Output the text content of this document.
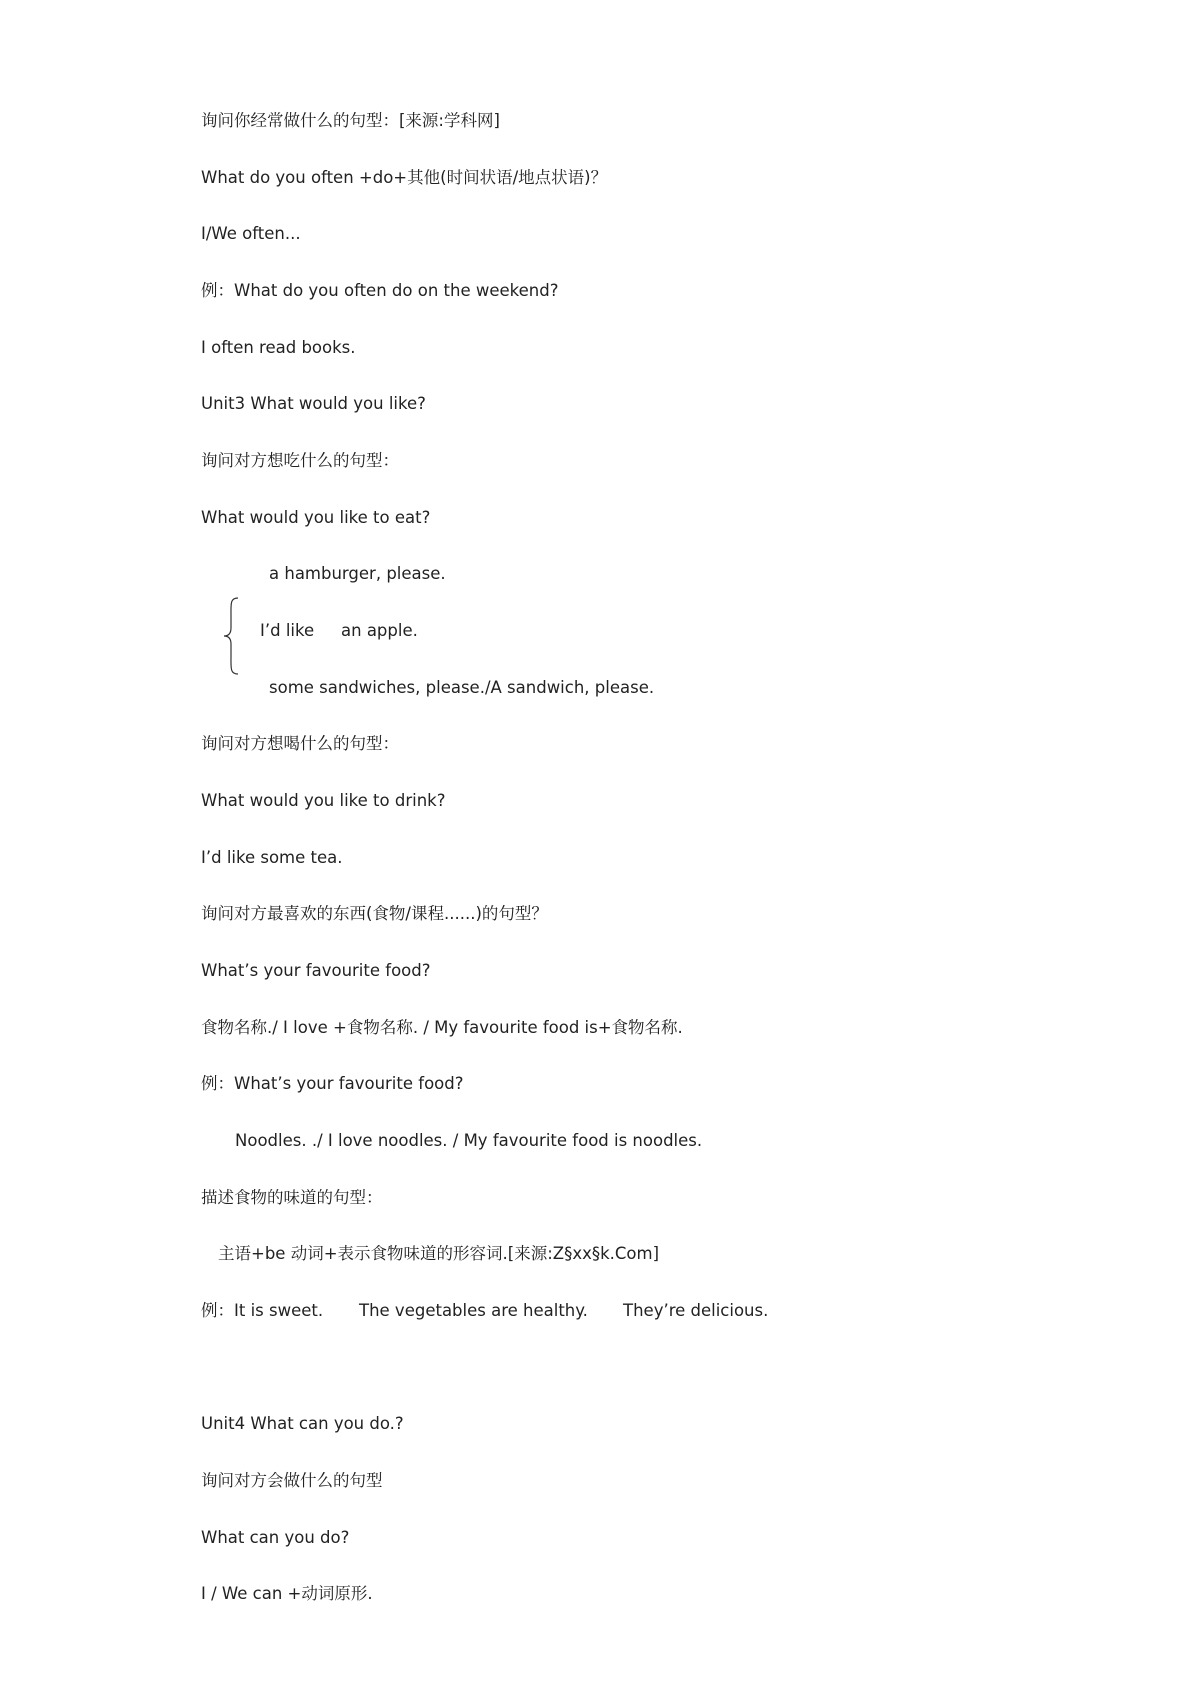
询问你经常做什么的句型：[来源:学科网]
What do you often +do+其他(时间状语/地点状语)？
I/We often...
例：What do you often do on the weekend?
I often read books.
Unit3 What would you like?
询问对方想吃什么的句型：
What would you like to eat?
a hamburger, please.
I’d like an apple.
some sandwiches, please./A sandwich, please.
询问对方想喝什么的句型：
What would you like to drink?
I’d like some tea.
询问对方最喜欢的东西(食物/课程......)的句型？
What’s your favourite food?
食物名称./ I love +食物名称. / My favourite food is+食物名称.
例：What’s your favourite food?
Noodles. ./ I love noodles. / My favourite food is noodles.
描述食物的味道的句型：
主语+be 动词+表示食物味道的形容词.[来源:Z§xx§k.Com]
例：It is sweet. The vegetables are healthy. They’re delicious.
Unit4 What can you do.?
询问对方会做什么的句型
What can you do?
I / We can +动词原形.
